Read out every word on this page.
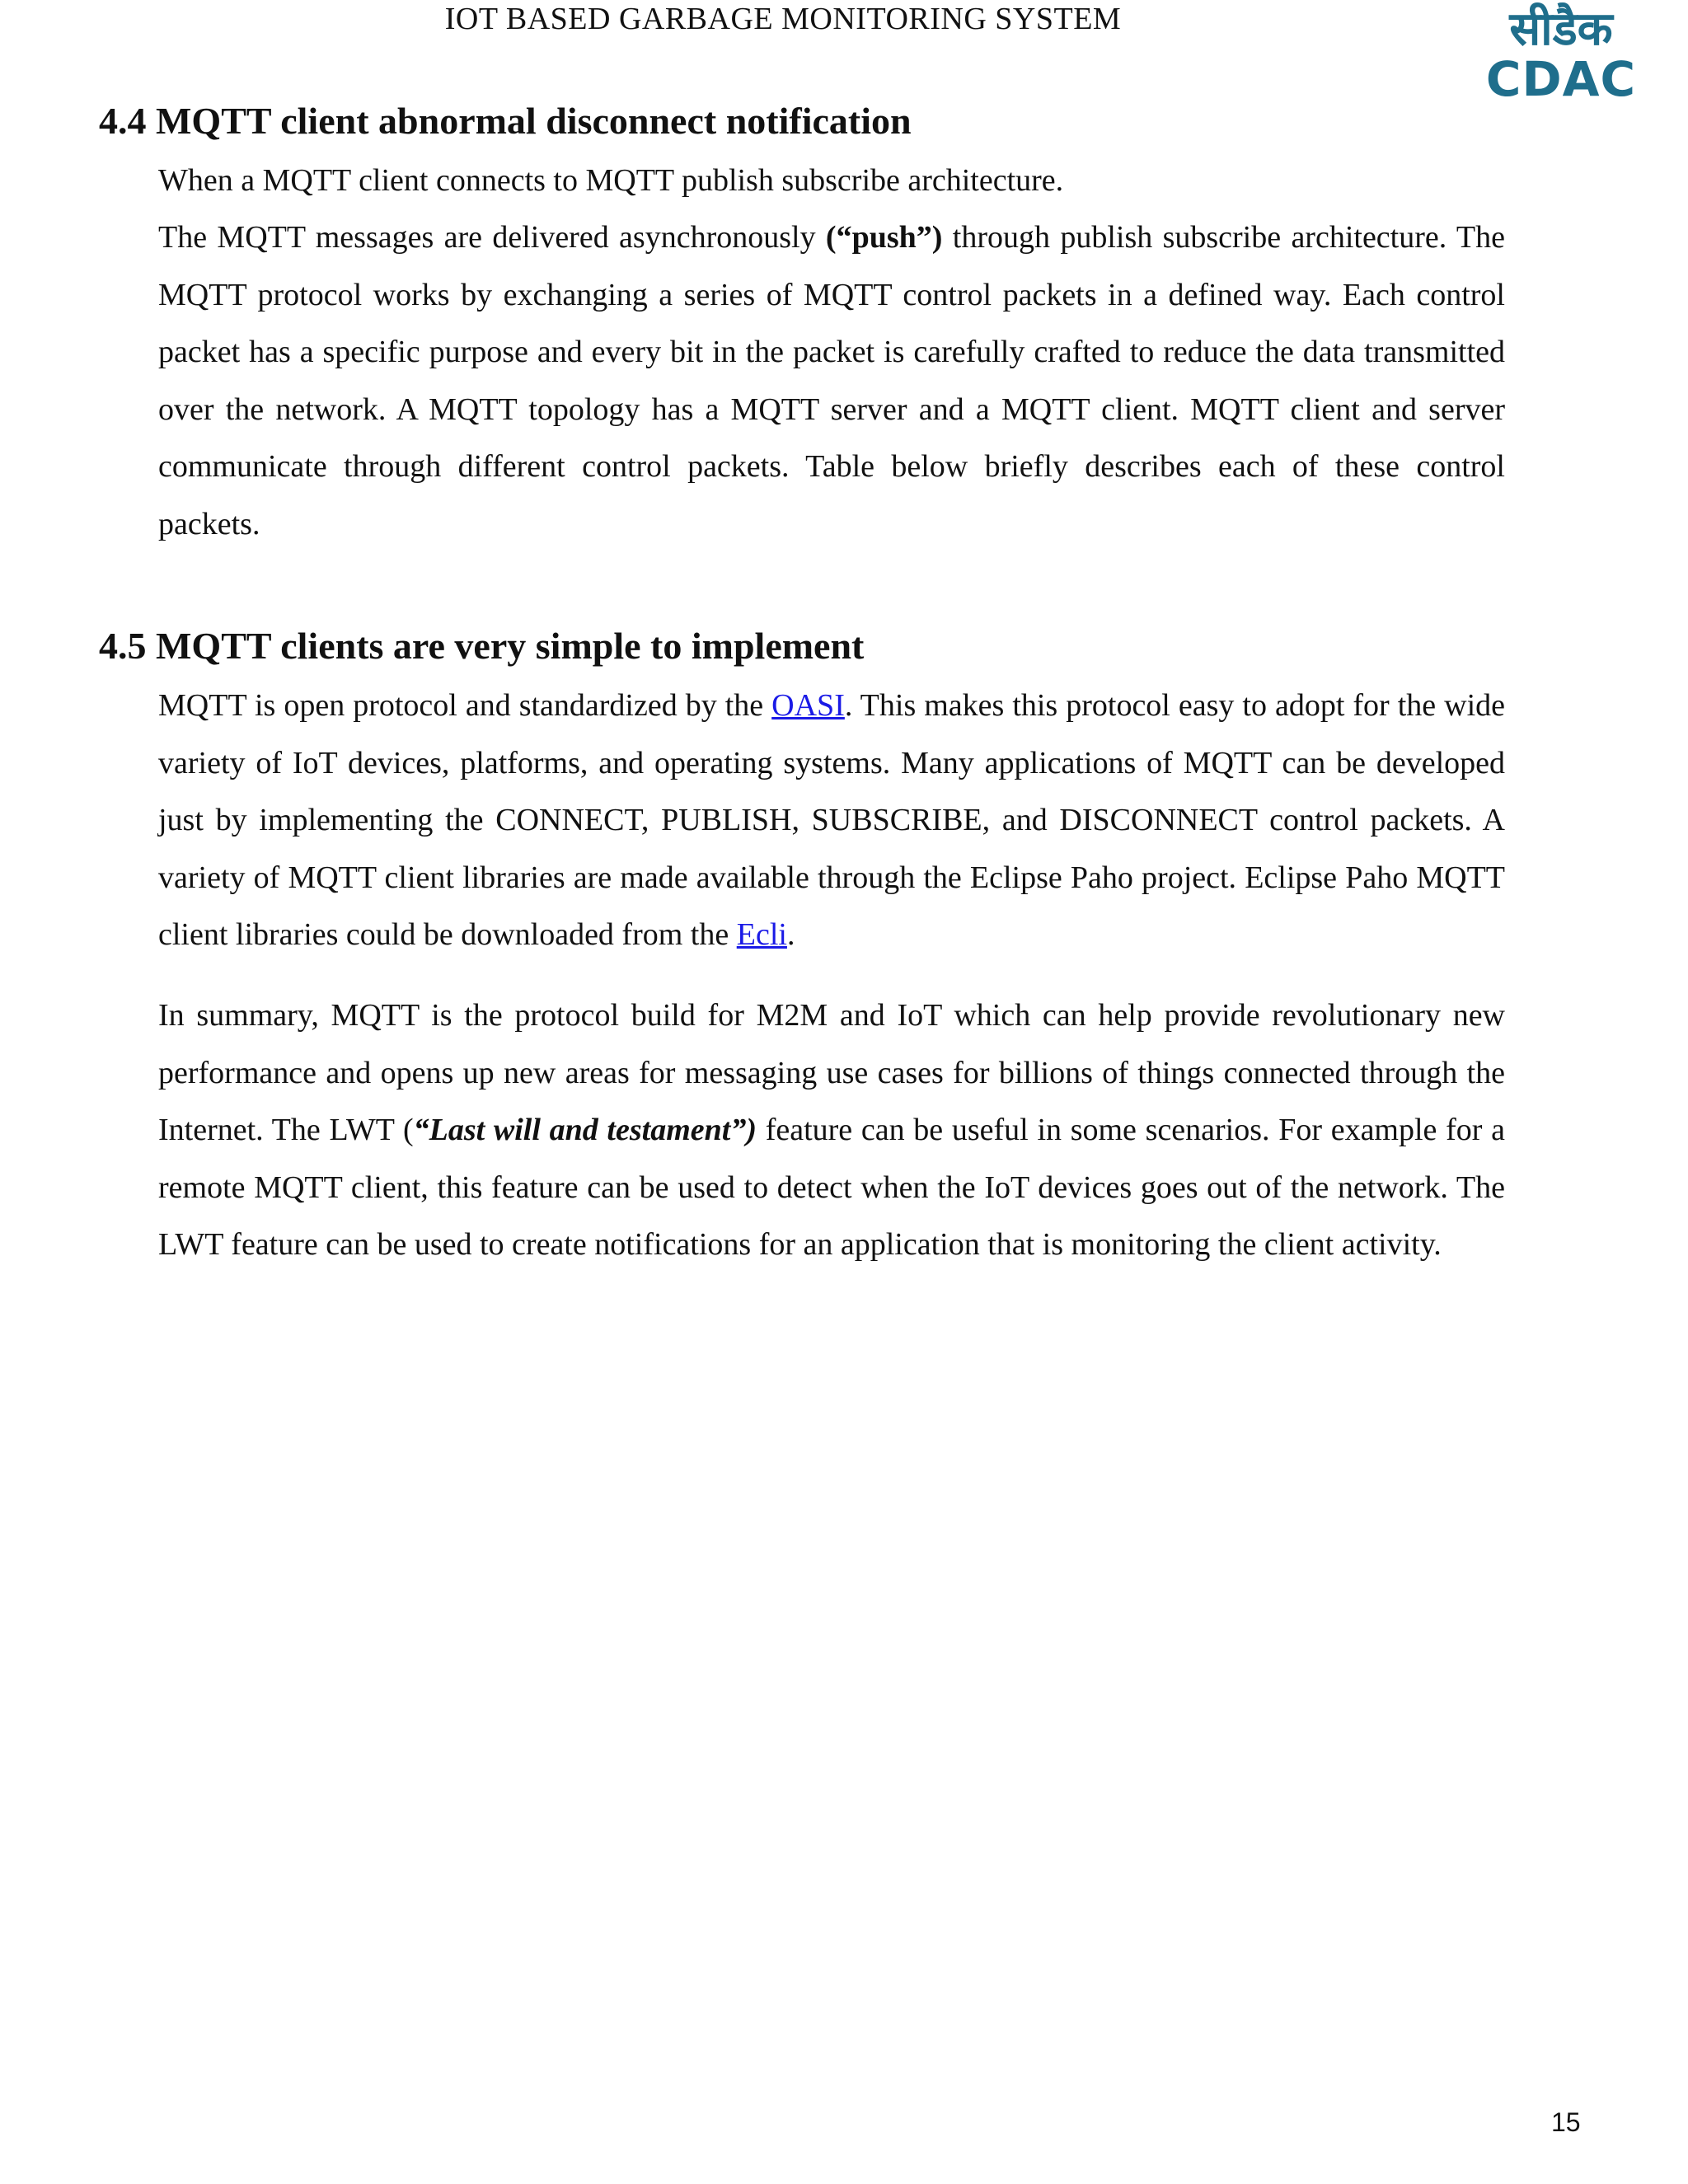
IOT BASED GARBAGE MONITORING SYSTEM	सीडैक
CDAC
4.4 MQTT client abnormal disconnect notification

When a MQTT client connects to MQTT publish subscribe architecture.

The MQTT messages are delivered asynchronously (“push”) through publish subscribe architecture. The MQTT protocol works by exchanging a series of MQTT control packets in a defined way. Each control packet has a specific purpose and every bit in the packet is carefully crafted to reduce the data transmitted over the network. A MQTT topology has a MQTT server and a MQTT client. MQTT client and server communicate through different control packets. Table below briefly describes each of these control packets.

4.5 MQTT clients are very simple to implement

MQTT is open protocol and standardized by the OASI. This makes this protocol easy to adopt for the wide variety of IoT devices, platforms, and operating systems. Many applications of MQTT can be developed just by implementing the CONNECT, PUBLISH, SUBSCRIBE, and DISCONNECT control packets. A variety of MQTT client libraries are made available through the Eclipse Paho project. Eclipse Paho MQTT client libraries could be downloaded from the Ecli.

In summary, MQTT is the protocol build for M2M and IoT which can help provide revolutionary new performance and opens up new areas for messaging use cases for billions of things connected through the Internet. The LWT (“Last will and testament”) feature can be useful in some scenarios. For example for a remote MQTT client, this feature can be used to detect when the IoT devices goes out of the network. The LWT feature can be used to create notifications for an application that is monitoring the client activity.

15
